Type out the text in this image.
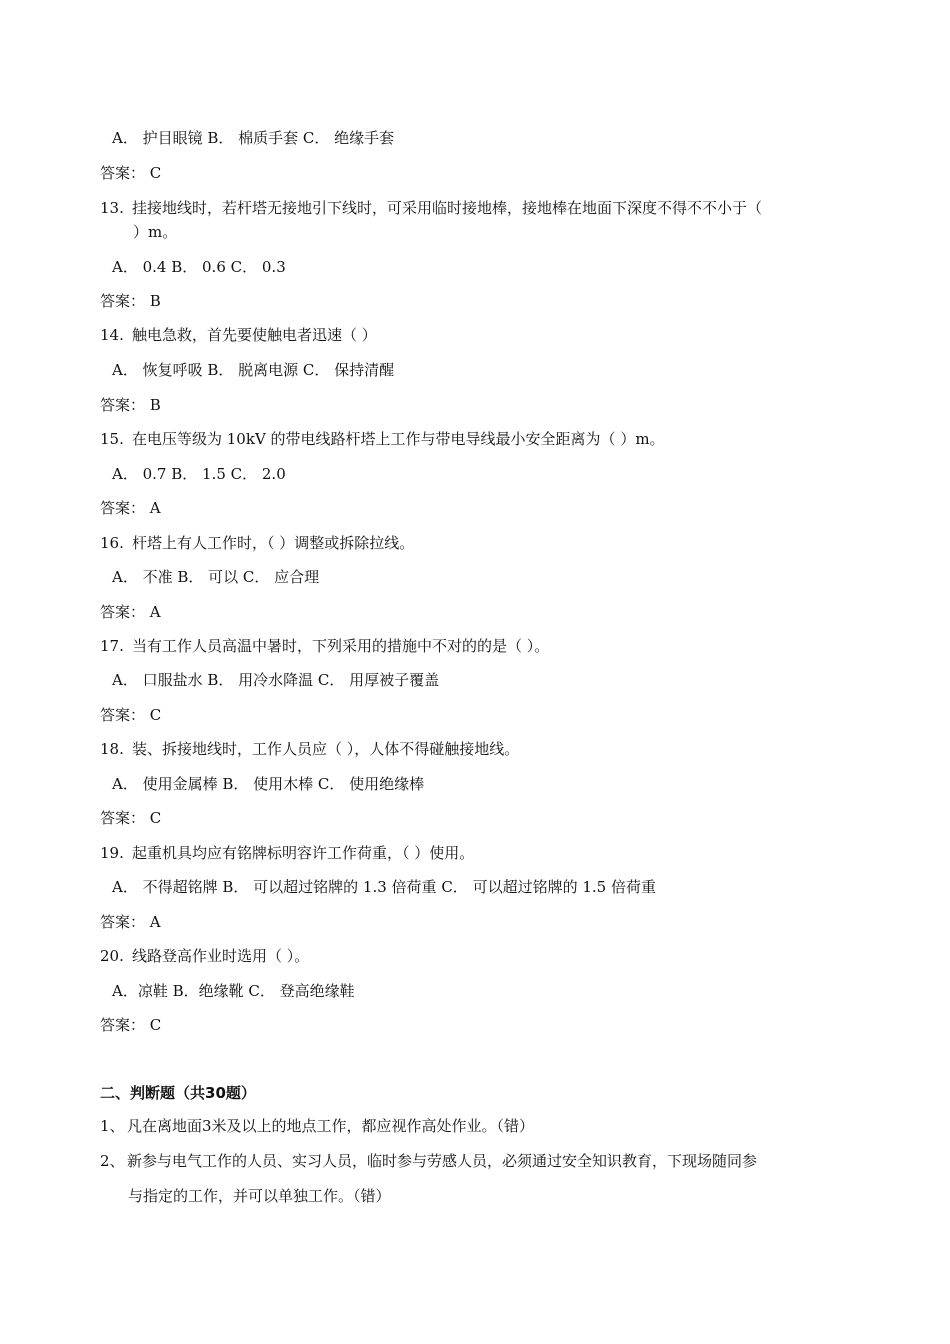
A． 护目眼镜 B． 棉质手套 C． 绝缘手套
答案： C
13. 挂接地线时，若杆塔无接地引下线时，可采用临时接地棒，接地棒在地面下深度不得不不小于（
）m。
A． 0.4 B． 0.6 C． 0.3
答案： B
14. 触电急救，首先要使触电者迅速（ ）
A． 恢复呼吸 B． 脱离电源 C． 保持清醒
答案： B
15. 在电压等级为 10kV 的带电线路杆塔上工作与带电导线最小安全距离为（ ）m。
A． 0.7 B． 1.5 C． 2.0
答案： A
16. 杆塔上有人工作时，（ ）调整或拆除拉线。
A． 不准 B． 可以 C． 应合理
答案： A
17. 当有工作人员高温中暑时，下列采用的措施中不对的的是（ ）。
A． 口服盐水 B． 用冷水降温 C． 用厚被子覆盖
答案： C
18. 装、拆接地线时，工作人员应（ ），人体不得碰触接地线。
A． 使用金属棒 B． 使用木棒 C． 使用绝缘棒
答案： C
19. 起重机具均应有铭牌标明容许工作荷重，（ ）使用。
A． 不得超铭牌 B． 可以超过铭牌的 1.3 倍荷重 C． 可以超过铭牌的 1.5 倍荷重
答案： A
20. 线路登高作业时选用（ ）。
A．凉鞋 B．绝缘靴 C． 登高绝缘鞋
答案： C
二、判断题（共30题）
1、 凡在离地面3米及以上的地点工作，都应视作高处作业。（错）
2、 新参与电气工作的人员、实习人员，临时参与劳感人员，必须通过安全知识教育，下现场随同参
与指定的工作，并可以单独工作。（错）
